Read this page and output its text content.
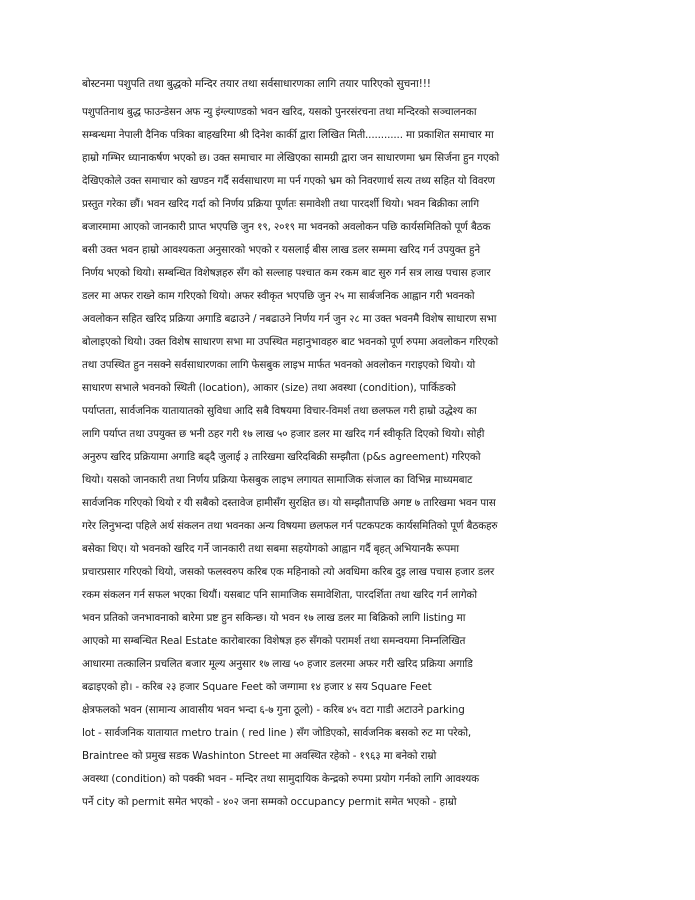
बोस्टनमा पशुपति तथा बुद्धको मन्दिर तयार तथा सर्वसाधारणका लागि तयार पारिएको सुचना!!!
पशुपतिनाथ बुद्ध फाउन्डेसन अफ न्यु इंग्ल्याण्डको भवन खरिद, यसको पुनरसंरचना तथा मन्दिरको सञ्चालनका
सम्बन्धमा नेपाली दैनिक पत्रिका बाहखरिमा श्री दिनेश कार्की द्वारा लिखित मिती............ मा प्रकाशित समाचार मा
हाम्रो गम्भिर ध्यानाकर्षण भएको छ। उक्त समाचार मा लेखिएका सामग्री द्वारा जन साधारणमा भ्रम सिर्जना हुन गएको
देखिएकोले उक्त समाचार को खण्डन गर्दै सर्वसाधारण मा पर्न गएको भ्रम को निवरणार्थ सत्य तथ्य सहित यो विवरण
प्रस्तुत गरेका छौं। भवन खरिद गर्दा को निर्णय प्रक्रिया पूर्णतः समावेशी तथा पारदर्शी थियो। भवन बिक्रीका लागि
बजारमामा आएको जानकारी प्राप्त भएपछि जुन १९, २०१९ मा भवनको अवलोकन पछि कार्यसमितिको पूर्ण बैठक
बसी उक्त भवन हाम्रो आवश्यकता अनुसारको भएको र यसलाई बीस लाख डलर सम्ममा खरिद गर्न उपयुक्त हुने
निर्णय भएको थियो। सम्बन्धित विशेषज्ञहरु सँग को सल्लाह पश्चात कम रकम बाट सुरु गर्न सत्र लाख पचास हजार
डलर मा अफर राख्ने काम गरिएको थियो। अफर स्वीकृत भएपछि जुन २५ मा सार्बजनिक आह्वान गरी भवनको
अवलोकन सहित खरिद प्रक्रिया अगाडि बढाउने / नबढाउने निर्णय गर्न जुन २८ मा उक्त भवनमै विशेष साधारण सभा
बोलाइएको थियो। उक्त विशेष साधारण सभा मा उपस्थित महानुभावहरु बाट भवनको पूर्ण रुपमा अवलोकन गरिएको
तथा उपस्थित हुन नसक्ने सर्वसाधारणका लागि फेसबुक लाइभ मार्फत भवनको अवलोकन गराइएको थियो। यो
साधारण सभाले भवनको स्थिती (location), आकार (size) तथा अवस्था (condition), पार्किङको
पर्याप्तता, सार्वजनिक यातायातको सुविधा आदि सबै विषयमा विचार-विमर्श तथा छलफल गरी हाम्रो उद्धेश्य का
लागि पर्याप्त तथा उपयुक्त छ भनी ठहर गरी १७ लाख ५० हजार डलर मा खरिद गर्न स्वीकृति दिएको थियो। सोही
अनुरुप खरिद प्रक्रियामा अगाडि बढ्दै जुलाई ३ तारिखमा खरिदबिक्री सम्झौता (p&s agreement) गरिएको
थियो। यसको जानकारी तथा निर्णय प्रक्रिया फेसबुक लाइभ लगायत सामाजिक संजाल का विभिन्न माध्यमबाट
सार्वजनिक गरिएको थियो र यी सबैको दस्तावेज हामीसँग सुरक्षित छ। यो सम्झौतापछि अगष्ट ७ तारिखमा भवन पास
गरेर लिनुभन्दा पहिले अर्थ संकलन तथा भवनका अन्य विषयमा छलफल गर्न पटकपटक कार्यसमितिको पूर्ण बैठकहरु
बसेका थिए। यो भवनको खरिद गर्ने जानकारी तथा सबमा सहयोगको आह्वान गर्दै बृहत् अभियानकै रूपमा
प्रचारप्रसार गरिएको थियो, जसको फलस्वरुप करिब एक महिनाको त्यो अवधिमा करिब दुइ लाख पचास हजार डलर
रकम संकलन गर्न सफल भएका थियौं। यसबाट पनि सामाजिक समावेशिता, पारदर्शिता तथा खरिद गर्न लागेको
भवन प्रतिको जनभावनाको बारेमा प्रष्ट हुन सकिन्छ। यो भवन १७ लाख डलर मा बिक्रिको लागि listing मा
आएको मा सम्बन्धित Real Estate कारोबारका विशेषज्ञ हरु सँगको परामर्श तथा समन्वयमा निम्नलिखित
आधारमा तत्कालिन प्रचलित बजार मूल्य अनुसार १७ लाख ५० हजार डलरमा अफर गरी खरिद प्रक्रिया अगाडि
बढाइएको हो। - करिब २३ हजार Square Feet को जग्गामा १४ हजार ४ सय Square Feet
क्षेत्रफलको भवन (सामान्य आवासीय भवन भन्दा ६-७ गुना ठूलो) - करिब ४५ वटा गाडी अटाउने parking
lot - सार्वजनिक यातायात metro train ( red line ) सँग जोडिएको, सार्वजनिक बसको रुट मा परेको,
Braintree को प्रमुख सडक Washinton Street मा अवस्थित रहेको - १९६३ मा बनेको राम्रो
अवस्था (condition) को पक्की भवन - मन्दिर तथा सामुदायिक केन्द्रको रुपमा प्रयोग गर्नको लागि आवश्यक
पर्ने city को permit समेत भएको - ४०२ जना सम्मको occupancy permit समेत भएको - हाम्रो
